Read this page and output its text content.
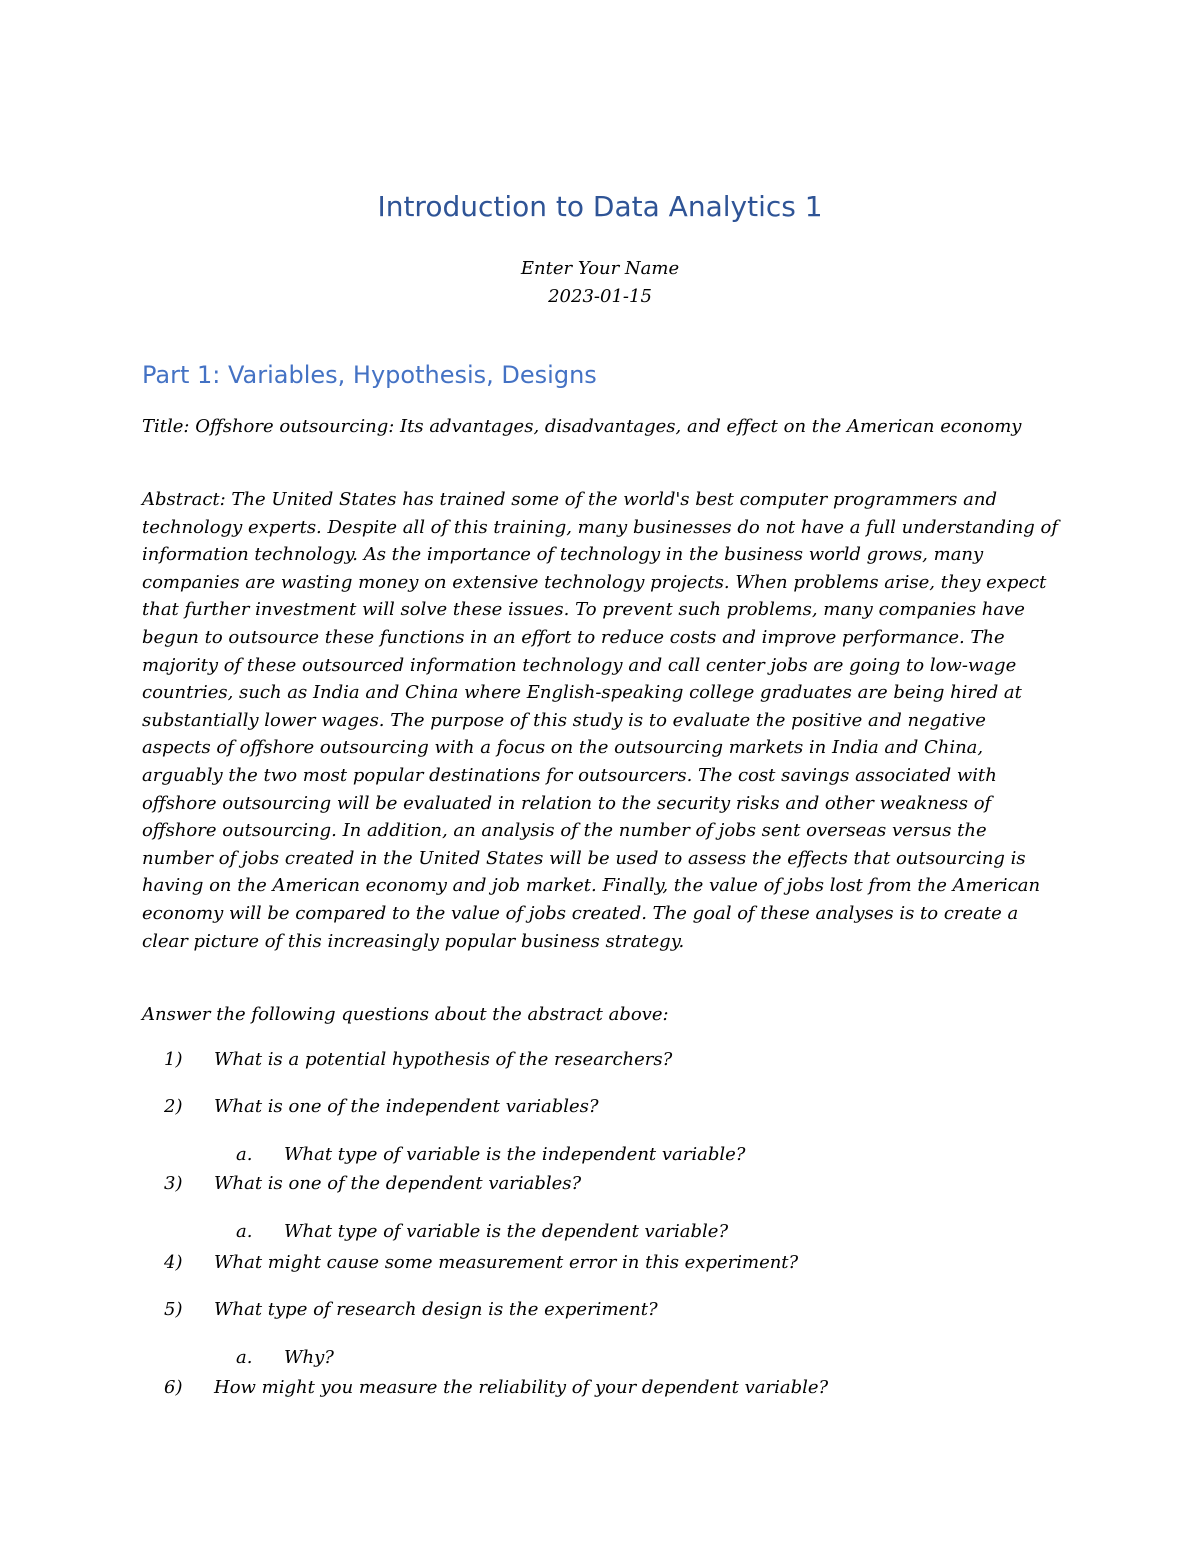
Introduction to Data Analytics 1

Enter Your Name

2023-01-15

Part 1: Variables, Hypothesis, Designs

Title: Offshore outsourcing: Its advantages, disadvantages, and effect on the American economy

Abstract: The United States has trained some of the world's best computer programmers and technology experts. Despite all of this training, many businesses do not have a full understanding of information technology. As the importance of technology in the business world grows, many companies are wasting money on extensive technology projects. When problems arise, they expect that further investment will solve these issues. To prevent such problems, many companies have begun to outsource these functions in an effort to reduce costs and improve performance. The majority of these outsourced information technology and call center jobs are going to low-wage countries, such as India and China where English-speaking college graduates are being hired at substantially lower wages. The purpose of this study is to evaluate the positive and negative aspects of offshore outsourcing with a focus on the outsourcing markets in India and China, arguably the two most popular destinations for outsourcers. The cost savings associated with offshore outsourcing will be evaluated in relation to the security risks and other weakness of offshore outsourcing. In addition, an analysis of the number of jobs sent overseas versus the number of jobs created in the United States will be used to assess the effects that outsourcing is having on the American economy and job market. Finally, the value of jobs lost from the American economy will be compared to the value of jobs created. The goal of these analyses is to create a clear picture of this increasingly popular business strategy.

Answer the following questions about the abstract above:

1) What is a potential hypothesis of the researchers?

2) What is one of the independent variables?

a. What type of variable is the independent variable?

3) What is one of the dependent variables?

a. What type of variable is the dependent variable?

4) What might cause some measurement error in this experiment?

5) What type of research design is the experiment?

a. Why?

6) How might you measure the reliability of your dependent variable?
